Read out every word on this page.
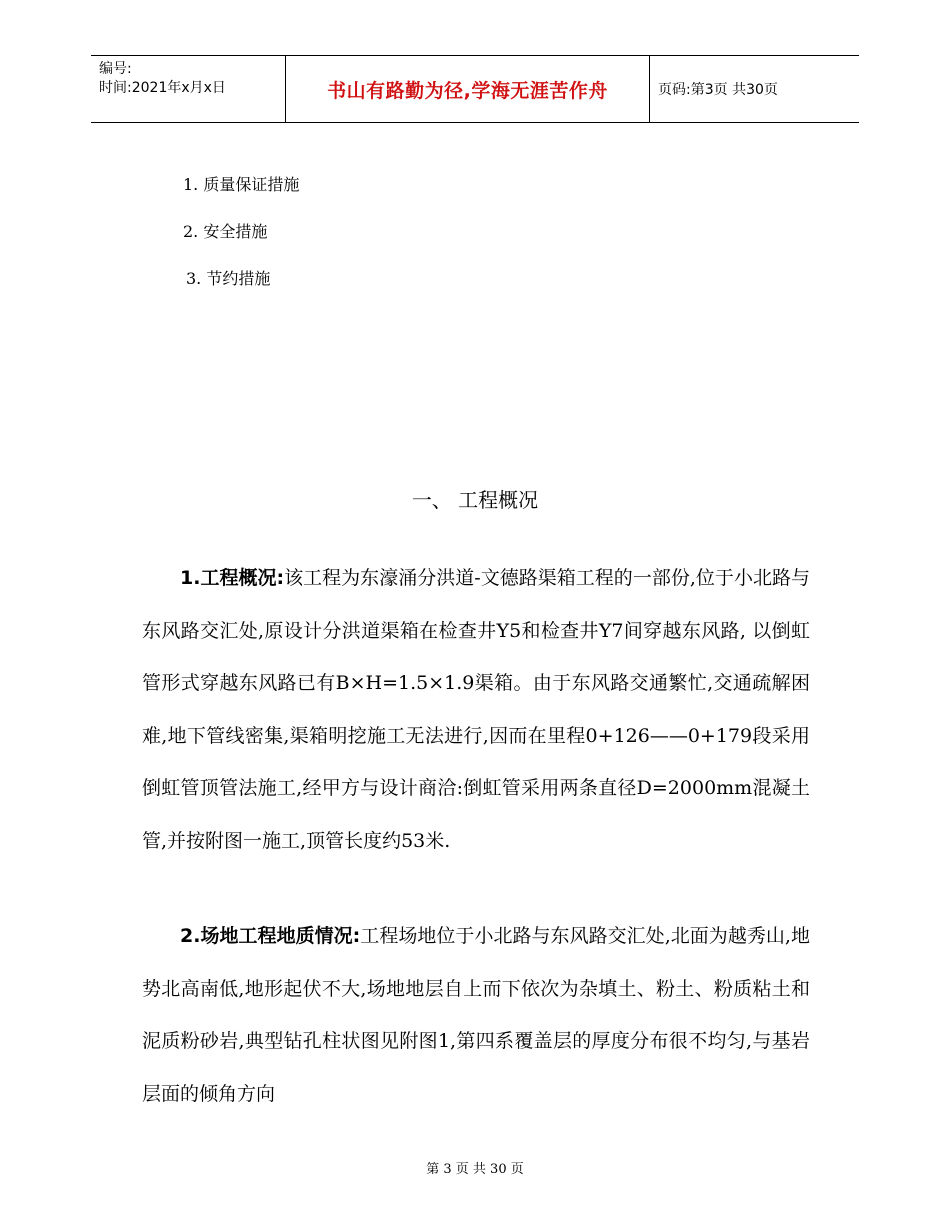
编号:
时间:2021年x月x日	书山有路勤为径,学海无涯苦作舟	页码:第3页 共30页
1. 质量保证措施
2. 安全措施
3. 节约措施
一、 工程概况

1.工程概况:该工程为东濠涌分洪道-文德路渠箱工程的一部份,位于小北路与东风路交汇处,原设计分洪道渠箱在检查井Y5和检查井Y7间穿越东风路, 以倒虹管形式穿越东风路已有B×H=1.5×1.9渠箱。由于东风路交通繁忙,交通疏解困难,地下管线密集,渠箱明挖施工无法进行,因而在里程0+126——0+179段采用倒虹管顶管法施工,经甲方与设计商洽:倒虹管采用两条直径D=2000mm混凝土管,并按附图一施工,顶管长度约53米.

2.场地工程地质情况:工程场地位于小北路与东风路交汇处,北面为越秀山,地势北高南低,地形起伏不大,场地地层自上而下依次为杂填土、粉土、粉质粘土和泥质粉砂岩,典型钻孔柱状图见附图1,第四系覆盖层的厚度分布很不均匀,与基岩层面的倾角方向

第 3 页 共 30 页
